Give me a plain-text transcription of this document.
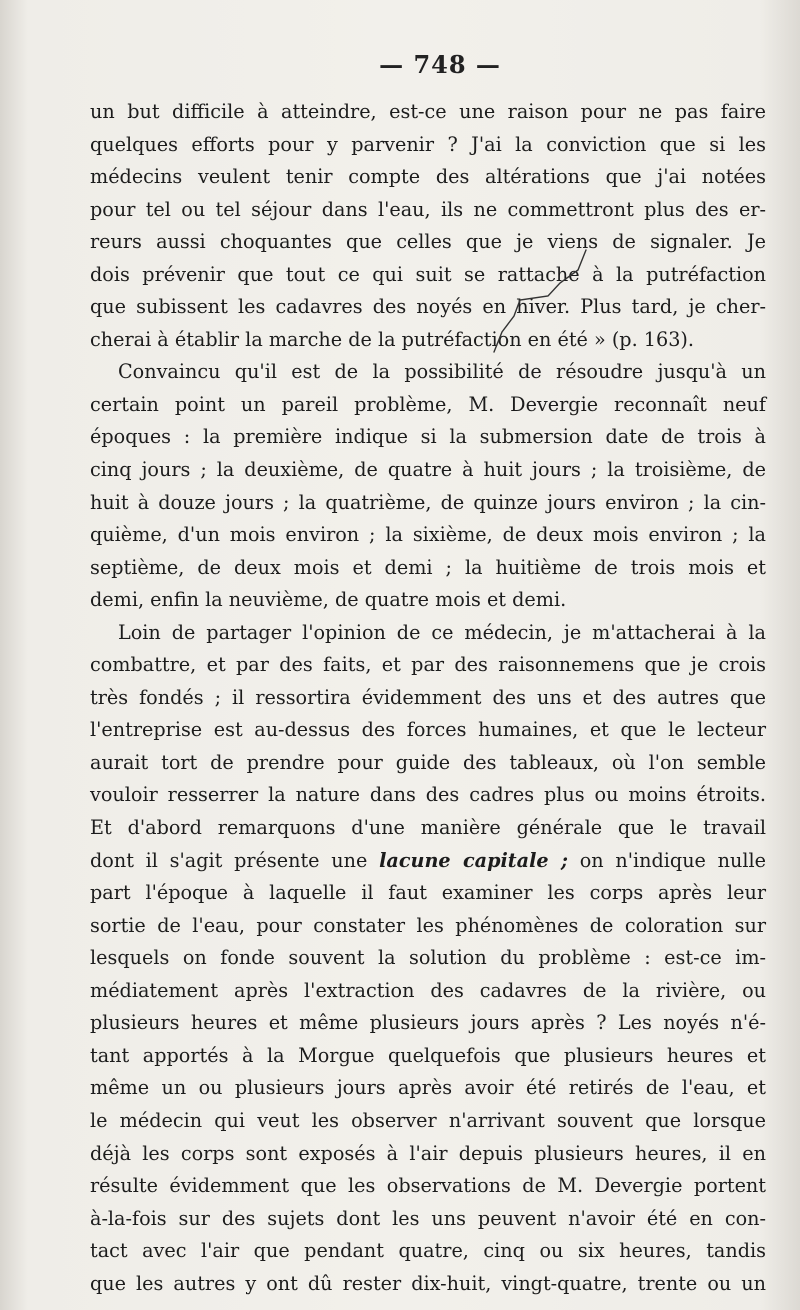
— 748 —

un but difficile à atteindre, est-ce une raison pour ne pas faire
quelques efforts pour y parvenir ? J'ai la conviction que si les
médecins veulent tenir compte des altérations que j'ai notées
pour tel ou tel séjour dans l'eau, ils ne commettront plus des er-
reurs aussi choquantes que celles que je viens de signaler. Je
dois prévenir que tout ce qui suit se rattache à la putréfaction
que subissent les cadavres des noyés en hiver. Plus tard, je cher-
cherai à établir la marche de la putréfaction en été » (p. 163).

Convaincu qu'il est de la possibilité de résoudre jusqu'à un
certain point un pareil problème, M. Devergie reconnaît neuf
époques : la première indique si la submersion date de trois à
cinq jours ; la deuxième, de quatre à huit jours ; la troisième, de
huit à douze jours ; la quatrième, de quinze jours environ ; la cin-
quième, d'un mois environ ; la sixième, de deux mois environ ; la
septième, de deux mois et demi ; la huitième de trois mois et
demi, enfin la neuvième, de quatre mois et demi.

Loin de partager l'opinion de ce médecin, je m'attacherai à la
combattre, et par des faits, et par des raisonnemens que je crois
très fondés ; il ressortira évidemment des uns et des autres que
l'entreprise est au-dessus des forces humaines, et que le lecteur
aurait tort de prendre pour guide des tableaux, où l'on semble
vouloir resserrer la nature dans des cadres plus ou moins étroits.
Et d'abord remarquons d'une manière générale que le travail
dont il s'agit présente une lacune capitale ; on n'indique nulle
part l'époque à laquelle il faut examiner les corps après leur
sortie de l'eau, pour constater les phénomènes de coloration sur
lesquels on fonde souvent la solution du problème : est-ce im-
médiatement après l'extraction des cadavres de la rivière, ou
plusieurs heures et même plusieurs jours après ? Les noyés n'é-
tant apportés à la Morgue quelquefois que plusieurs heures et
même un ou plusieurs jours après avoir été retirés de l'eau, et
le médecin qui veut les observer n'arrivant souvent que lorsque
déjà les corps sont exposés à l'air depuis plusieurs heures, il en
résulte évidemment que les observations de M. Devergie portent
à-la-fois sur des sujets dont les uns peuvent n'avoir été en con-
tact avec l'air que pendant quatre, cinq ou six heures, tandis
que les autres y ont dû rester dix-huit, vingt-quatre, trente ou un
